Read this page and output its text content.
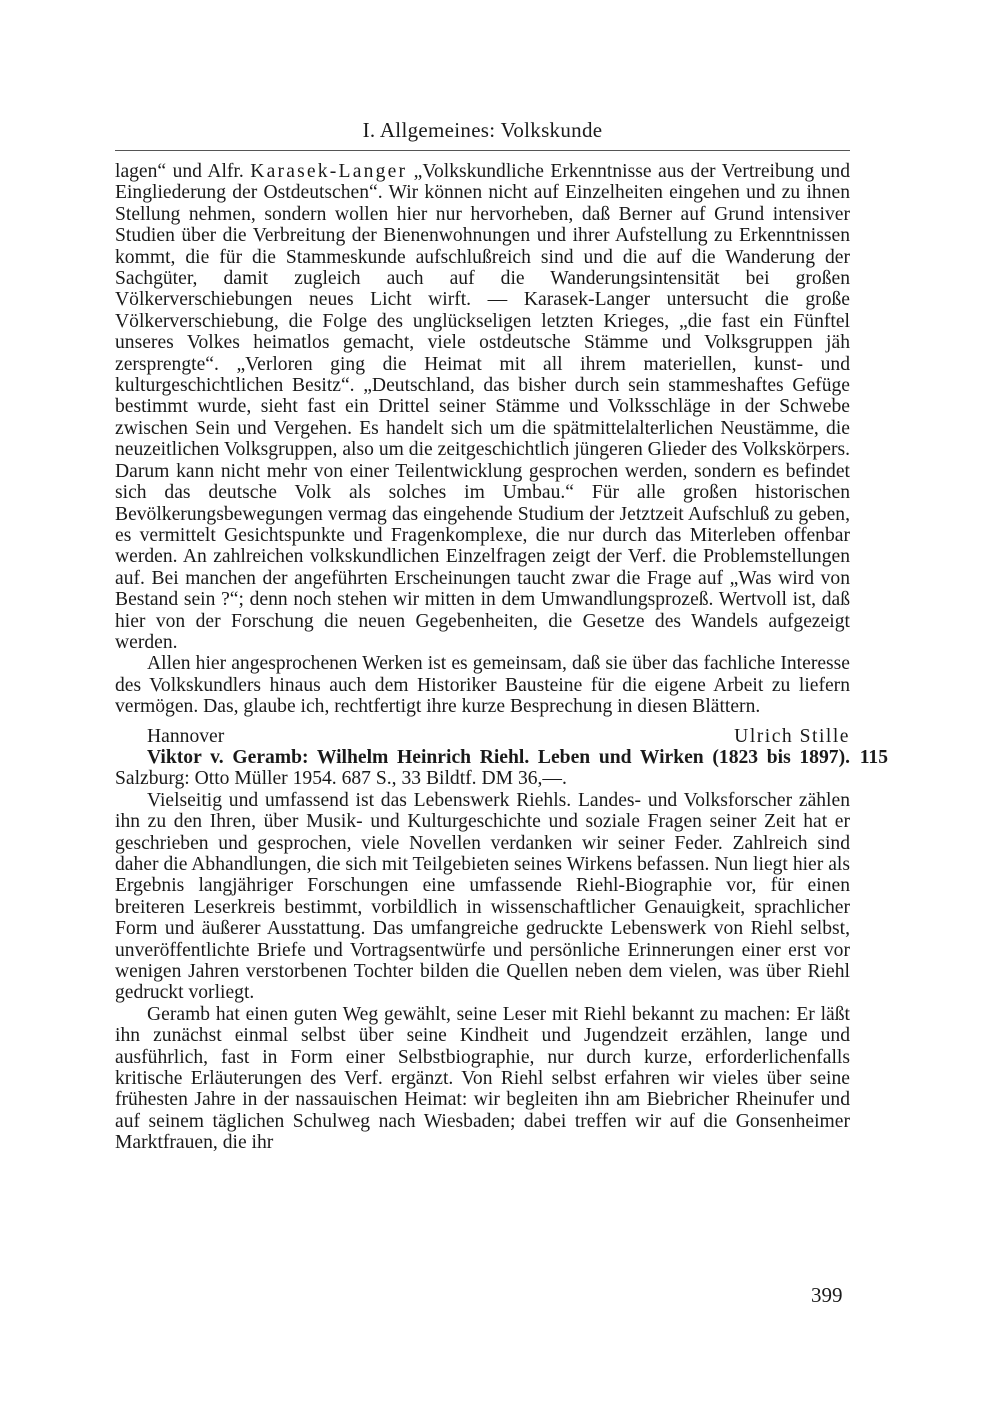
I. Allgemeines: Volkskunde

lagen“ und Alfr. Karasek-Langer „Volkskundliche Erkenntnisse aus der Vertreibung und Eingliederung der Ostdeutschen“. Wir können nicht auf Einzelheiten eingehen und zu ihnen Stellung nehmen, sondern wollen hier nur hervorheben, daß Berner auf Grund intensiver Studien über die Verbreitung der Bienenwohnungen und ihrer Aufstellung zu Erkenntnissen kommt, die für die Stammeskunde aufschlußreich sind und die auf die Wanderung der Sachgüter, damit zugleich auch auf die Wanderungsintensität bei großen Völkerverschiebungen neues Licht wirft. — Karasek-Langer untersucht die große Völkerverschiebung, die Folge des unglückseligen letzten Krieges, „die fast ein Fünftel unseres Volkes heimatlos gemacht, viele ostdeutsche Stämme und Volksgruppen jäh zersprengte“. „Verloren ging die Heimat mit all ihrem materiellen, kunst- und kulturgeschichtlichen Besitz“. „Deutschland, das bisher durch sein stammeshaftes Gefüge bestimmt wurde, sieht fast ein Drittel seiner Stämme und Volksschläge in der Schwebe zwischen Sein und Vergehen. Es handelt sich um die spätmittelalterlichen Neustämme, die neuzeitlichen Volksgruppen, also um die zeitgeschichtlich jüngeren Glieder des Volkskörpers. Darum kann nicht mehr von einer Teilentwicklung gesprochen werden, sondern es befindet sich das deutsche Volk als solches im Umbau.“ Für alle großen historischen Bevölkerungsbewegungen vermag das eingehende Studium der Jetztzeit Aufschluß zu geben, es vermittelt Gesichtspunkte und Fragenkomplexe, die nur durch das Miterleben offenbar werden. An zahlreichen volkskundlichen Einzelfragen zeigt der Verf. die Problemstellungen auf. Bei manchen der angeführten Erscheinungen taucht zwar die Frage auf „Was wird von Bestand sein ?“; denn noch stehen wir mitten in dem Umwandlungsprozeß. Wertvoll ist, daß hier von der Forschung die neuen Gegebenheiten, die Gesetze des Wandels aufgezeigt werden.

Allen hier angesprochenen Werken ist es gemeinsam, daß sie über das fachliche Interesse des Volkskundlers hinaus auch dem Historiker Bausteine für die eigene Arbeit zu liefern vermögen. Das, glaube ich, rechtfertigt ihre kurze Besprechung in diesen Blättern.

Hannover	Ulrich Stille

Viktor v. Geramb: Wilhelm Heinrich Riehl. Leben und Wirken (1823 bis 1897). Salzburg: Otto Müller 1954. 687 S., 33 Bildtf. DM 36,—.
115

Vielseitig und umfassend ist das Lebenswerk Riehls. Landes- und Volksforscher zählen ihn zu den Ihren, über Musik- und Kulturgeschichte und soziale Fragen seiner Zeit hat er geschrieben und gesprochen, viele Novellen verdanken wir seiner Feder. Zahlreich sind daher die Abhandlungen, die sich mit Teilgebieten seines Wirkens befassen. Nun liegt hier als Ergebnis langjähriger Forschungen eine umfassende Riehl-Biographie vor, für einen breiteren Leserkreis bestimmt, vorbildlich in wissenschaftlicher Genauigkeit, sprachlicher Form und äußerer Ausstattung. Das umfangreiche gedruckte Lebenswerk von Riehl selbst, unveröffentlichte Briefe und Vortragsentwürfe und persönliche Erinnerungen einer erst vor wenigen Jahren verstorbenen Tochter bilden die Quellen neben dem vielen, was über Riehl gedruckt vorliegt.

Geramb hat einen guten Weg gewählt, seine Leser mit Riehl bekannt zu machen: Er läßt ihn zunächst einmal selbst über seine Kindheit und Jugendzeit erzählen, lange und ausführlich, fast in Form einer Selbstbiographie, nur durch kurze, erforderlichenfalls kritische Erläuterungen des Verf. ergänzt. Von Riehl selbst erfahren wir vieles über seine frühesten Jahre in der nassauischen Heimat: wir begleiten ihn am Biebricher Rheinufer und auf seinem täglichen Schulweg nach Wiesbaden; dabei treffen wir auf die Gonsenheimer Marktfrauen, die ihr

399
